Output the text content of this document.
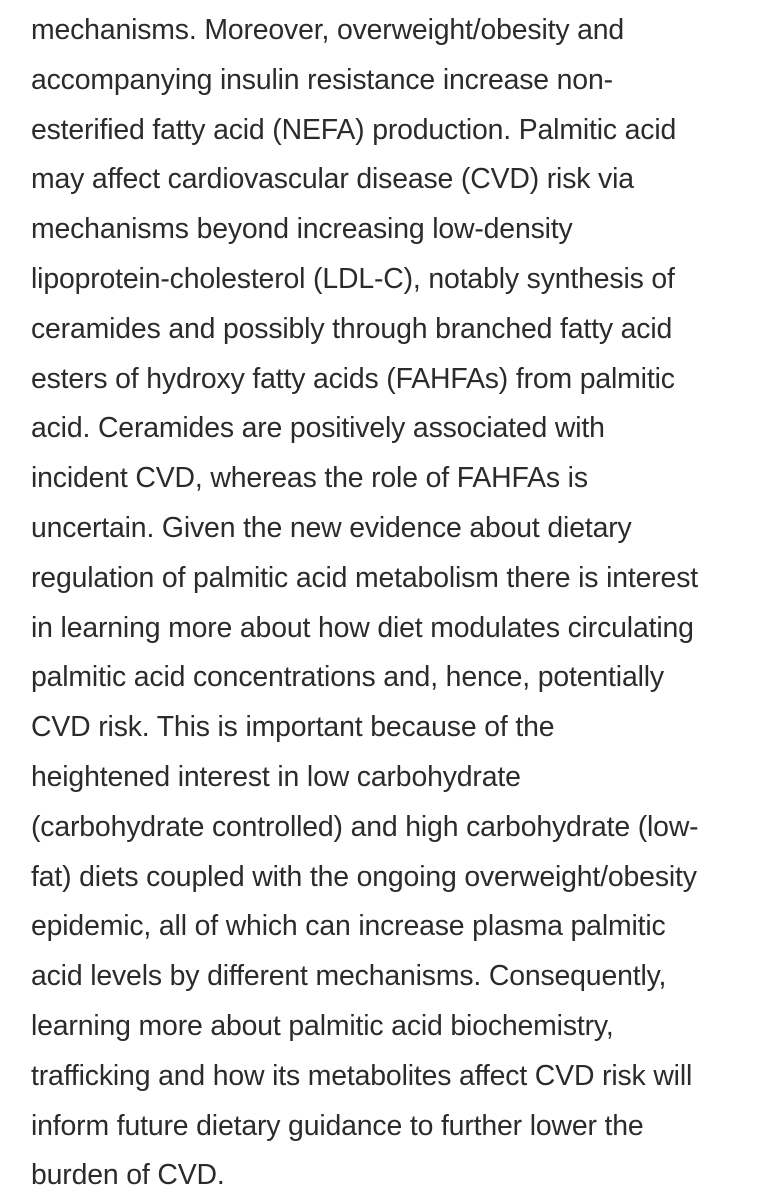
mechanisms. Moreover, overweight/obesity and
accompanying insulin resistance increase non-
esterified fatty acid (NEFA) production. Palmitic acid
may affect cardiovascular disease (CVD) risk via
mechanisms beyond increasing low-density
lipoprotein-cholesterol (LDL-C), notably synthesis of
ceramides and possibly through branched fatty acid
esters of hydroxy fatty acids (FAHFAs) from palmitic
acid. Ceramides are positively associated with
incident CVD, whereas the role of FAHFAs is
uncertain. Given the new evidence about dietary
regulation of palmitic acid metabolism there is interest
in learning more about how diet modulates circulating
palmitic acid concentrations and, hence, potentially
CVD risk. This is important because of the
heightened interest in low carbohydrate
(carbohydrate controlled) and high carbohydrate (low-
fat) diets coupled with the ongoing overweight/obesity
epidemic, all of which can increase plasma palmitic
acid levels by different mechanisms. Consequently,
learning more about palmitic acid biochemistry,
trafficking and how its metabolites affect CVD risk will
inform future dietary guidance to further lower the
burden of CVD.
